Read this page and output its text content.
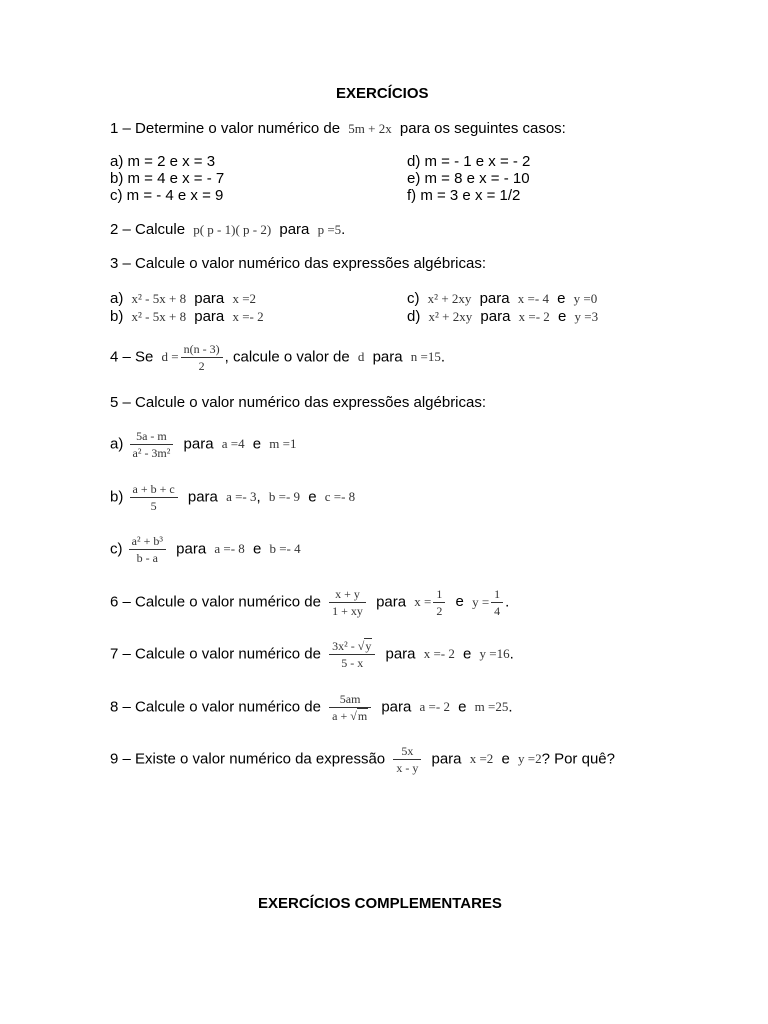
EXERCÍCIOS
1 – Determine o valor numérico de 5m + 2x para os seguintes casos:
a) m = 2 e x = 3
b) m = 4 e x = - 7
c) m = - 4 e x = 9
d) m = - 1 e x = - 2
e) m = 8 e x = - 10
f) m = 3 e x = 1/2
2 – Calcule p( p - 1)( p - 2) para p =5.
3 – Calcule o valor numérico das expressões algébricas:
a) x² - 5x + 8 para x =2
b) x² - 5x + 8 para x =- 2
c) x² + 2xy para x =- 4 e y =0
d) x² + 2xy para x =- 2 e y =3
4 – Se $d = \frac{n(n - 3)}{2}$ , calcule o valor de d para n =15.
5 – Calcule o valor numérico das expressões algébricas:
$a) \frac{5a - m}{\text{a² - 3m²}}$ para a =4 e m =1
$b) \frac{a + b + c}{5}$ para a =- 3, b =- 9 e c =- 8
$c) \frac{\text{a² + b³}}{b - a}$ para a =- 8 e b =- 4
6 – Calcule o valor numérico de $\frac{x + y}{1 + xy}$ para $x = \frac{1}{2}$ e $y = \frac{1}{4}$ .
7 – Calcule o valor numérico de $\frac{\text{3x² - √y}}{5 - x}$ para x =- 2 e y =16.
8 – Calcule o valor numérico de $\frac{5am}{a + √m}$ para a =- 2 e m =25.
9 – Existe o valor numérico da expressão $\frac{5x}{x - y}$ para x =2 e y =2? Por quê?
EXERCÍCIOS COMPLEMENTARES
